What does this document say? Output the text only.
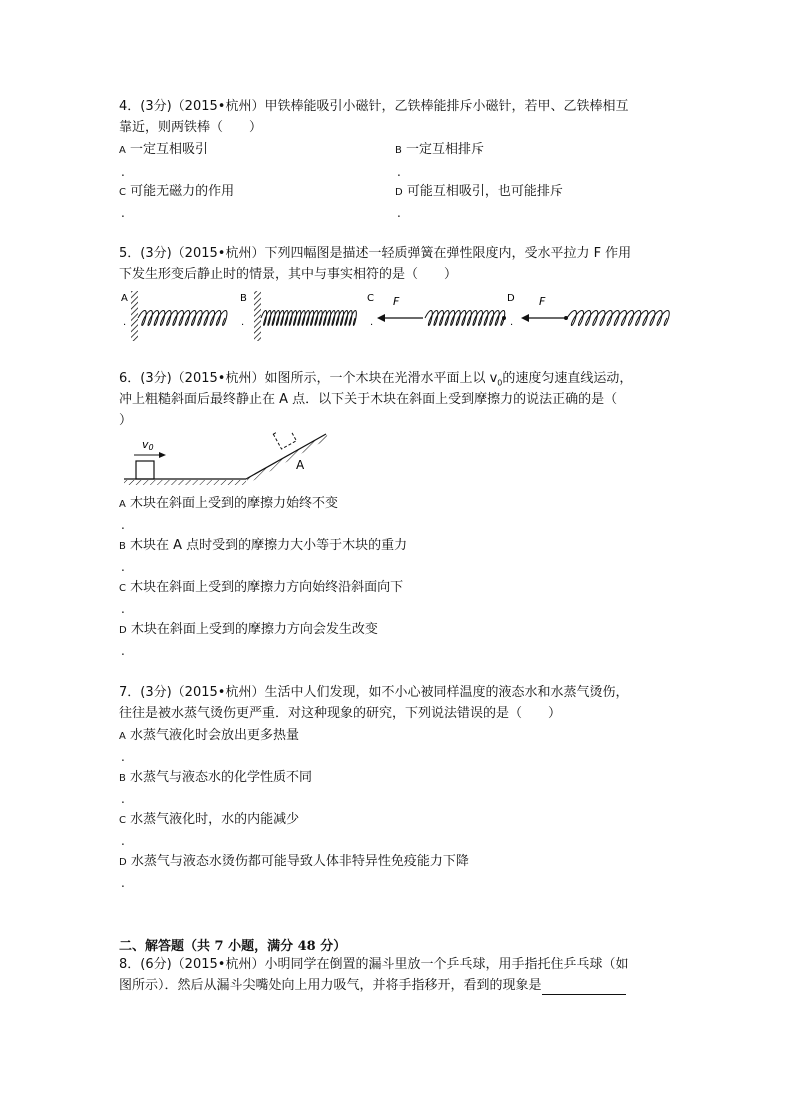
4．(3分)（2015•杭州）甲铁棒能吸引小磁针，乙铁棒能排斥小磁针，若甲、乙铁棒相互
靠近，则两铁棒（　　）
A 一定互相吸引
.
B 一定互相排斥
.
C 可能无磁力的作用
.
D 可能互相吸引，也可能排斥
.
5．(3分)（2015•杭州）下列四幅图是描述一轻质弹簧在弹性限度内，受水平拉力 F 作用
下发生形变后静止时的情景，其中与事实相符的是（　　）
A
.
B
.
C
.
F	D
.
F
6．(3分)（2015•杭州）如图所示，一个木块在光滑水平面上以 $v_0$的速度匀速直线运动，
冲上粗糙斜面后最终静止在 A 点．以下关于木块在斜面上受到摩擦力的说法正确的是（
）
v0
A
A 木块在斜面上受到的摩擦力始终不变
.
B 木块在 A 点时受到的摩擦力大小等于木块的重力
.
C 木块在斜面上受到的摩擦力方向始终沿斜面向下
.
D 木块在斜面上受到的摩擦力方向会发生改变
.
7．(3分)（2015•杭州）生活中人们发现，如不小心被同样温度的液态水和水蒸气烫伤，
往往是被水蒸气烫伤更严重．对这种现象的研究，下列说法错误的是（　　）
A 水蒸气液化时会放出更多热量
.
B 水蒸气与液态水的化学性质不同
.
C 水蒸气液化时，水的内能减少
.
D 水蒸气与液态水烫伤都可能导致人体非特异性免疫能力下降
.
二、解答题（共 7 小题，满分 48 分）
8．(6分)（2015•杭州）小明同学在倒置的漏斗里放一个乒乓球，用手指托住乒乓球（如
图所示）．然后从漏斗尖嘴处向上用力吸气，并将手指移开，看到的现象是
